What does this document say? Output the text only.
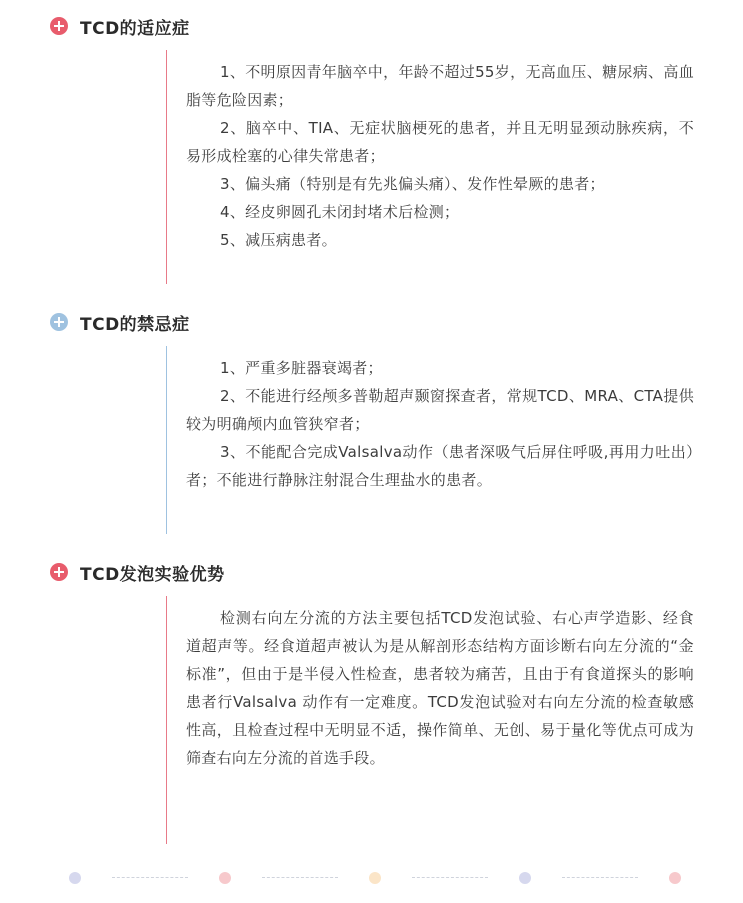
TCD的适应症

1、不明原因青年脑卒中，年龄不超过55岁，无高血压、糖尿病、高血脂等危险因素；

2、脑卒中、TIA、无症状脑梗死的患者，并且无明显颈动脉疾病，不易形成栓塞的心律失常患者；

3、偏头痛（特别是有先兆偏头痛）、发作性晕厥的患者；

4、经皮卵圆孔未闭封堵术后检测；

5、减压病患者。

TCD的禁忌症

1、严重多脏器衰竭者；

2、不能进行经颅多普勒超声颞窗探查者，常规TCD、MRA、CTA提供较为明确颅内血管狭窄者；

3、不能配合完成Valsalva动作（患者深吸气后屏住呼吸,再用力吐出）者；不能进行静脉注射混合生理盐水的患者。

TCD发泡实验优势

检测右向左分流的方法主要包括TCD发泡试验、右心声学造影、经食道超声等。经食道超声被认为是从解剖形态结构方面诊断右向左分流的“金标准”，但由于是半侵入性检查，患者较为痛苦，且由于有食道探头的影响患者行Valsalva 动作有一定难度。TCD发泡试验对右向左分流的检查敏感性高，且检查过程中无明显不适，操作简单、无创、易于量化等优点可成为筛查右向左分流的首选手段。
